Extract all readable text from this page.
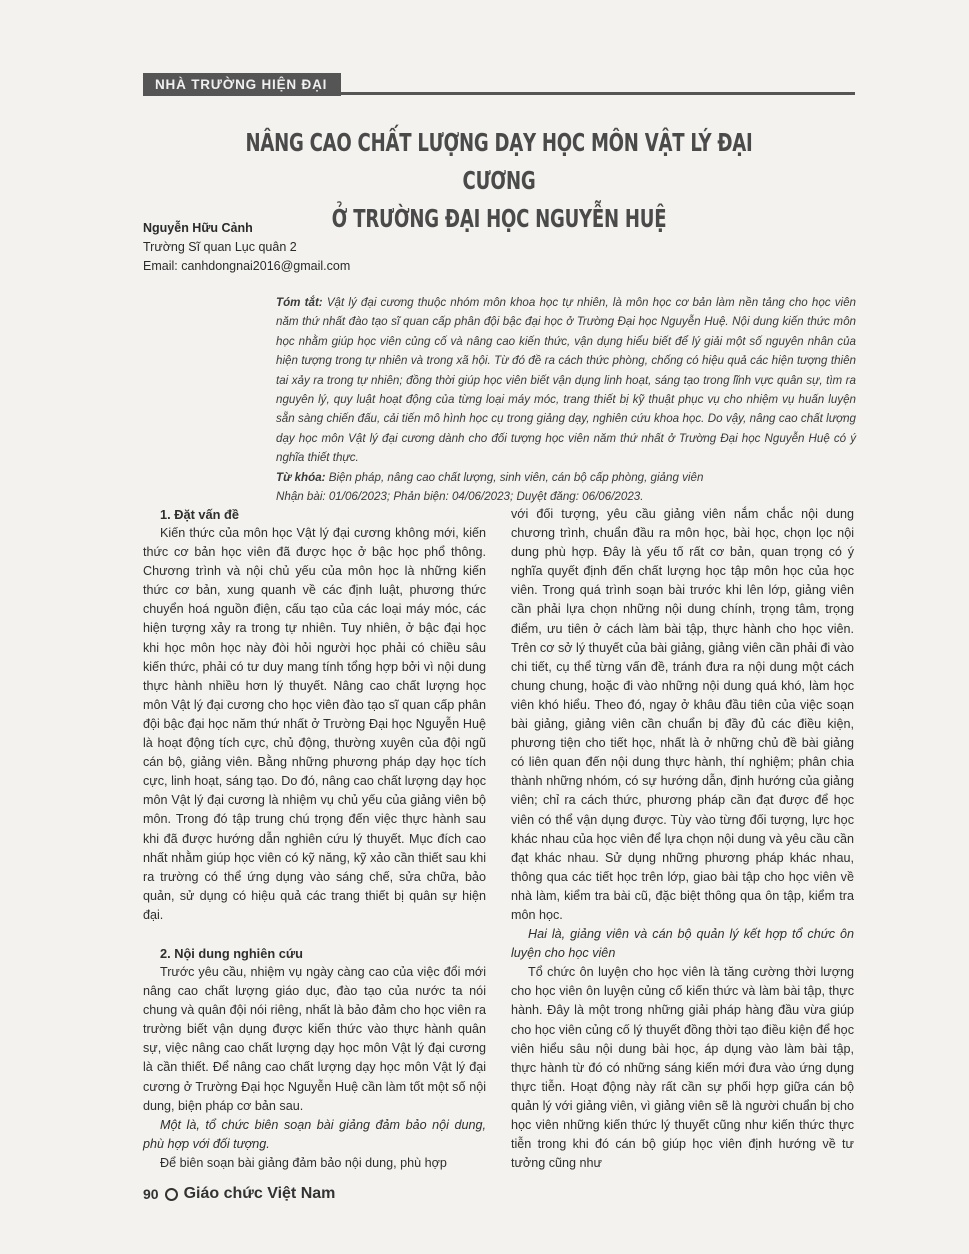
NHÀ TRƯỜNG HIỆN ĐẠI
NÂNG CAO CHẤT LƯỢNG DẠY HỌC MÔN VẬT LÝ ĐẠI CƯƠNG
Ở TRƯỜNG ĐẠI HỌC NGUYỄN HUỆ
Nguyễn Hữu Cảnh
Trường Sĩ quan Lục quân 2
Email: canhdongnai2016@gmail.com
Tóm tắt: Vật lý đại cương thuộc nhóm môn khoa học tự nhiên, là môn học cơ bản làm nền tảng cho học viên năm thứ nhất đào tạo sĩ quan cấp phân đội bậc đại học ở Trường Đại học Nguyễn Huệ. Nội dung kiến thức môn học nhằm giúp học viên củng cố và nâng cao kiến thức, vận dụng hiểu biết để lý giải một số nguyên nhân của hiện tượng trong tự nhiên và trong xã hội. Từ đó đề ra cách thức phòng, chống có hiệu quả các hiện tượng thiên tai xảy ra trong tự nhiên; đồng thời giúp học viên biết vận dụng linh hoạt, sáng tạo trong lĩnh vực quân sự, tìm ra nguyên lý, quy luật hoạt động của từng loại máy móc, trang thiết bị kỹ thuật phục vụ cho nhiệm vụ huấn luyện sẵn sàng chiến đấu, cải tiến mô hình học cụ trong giảng dạy, nghiên cứu khoa học. Do vậy, nâng cao chất lượng dạy học môn Vật lý đại cương dành cho đối tượng học viên năm thứ nhất ở Trường Đại học Nguyễn Huệ có ý nghĩa thiết thực.
Từ khóa: Biện pháp, nâng cao chất lượng, sinh viên, cán bộ cấp phòng, giảng viên
Nhận bài: 01/06/2023; Phản biện: 04/06/2023; Duyệt đăng: 06/06/2023.
1. Đặt vấn đề

Kiến thức của môn học Vật lý đại cương không mới, kiến thức cơ bản học viên đã được học ở bậc học phổ thông. Chương trình và nội chủ yếu của môn học là những kiến thức cơ bản, xung quanh về các định luật, phương thức chuyển hoá nguồn điện, cấu tạo của các loại máy móc, các hiện tượng xảy ra trong tự nhiên. Tuy nhiên, ở bậc đại học khi học môn học này đòi hỏi người học phải có chiều sâu kiến thức, phải có tư duy mang tính tổng hợp bởi vì nội dung thực hành nhiều hơn lý thuyết. Nâng cao chất lượng học môn Vật lý đại cương cho học viên đào tạo sĩ quan cấp phân đội bậc đại học năm thứ nhất ở Trường Đại học Nguyễn Huệ là hoạt động tích cực, chủ động, thường xuyên của đội ngũ cán bộ, giảng viên. Bằng những phương pháp dạy học tích cực, linh hoạt, sáng tạo. Do đó, nâng cao chất lượng dạy học môn Vật lý đại cương là nhiệm vụ chủ yếu của giảng viên bộ môn. Trong đó tập trung chú trọng đến việc thực hành sau khi đã được hướng dẫn nghiên cứu lý thuyết. Mục đích cao nhất nhằm giúp học viên có kỹ năng, kỹ xảo cần thiết sau khi ra trường có thể ứng dụng vào sáng chế, sửa chữa, bảo quản, sử dụng có hiệu quả các trang thiết bị quân sự hiện đại.

2. Nội dung nghiên cứu

Trước yêu cầu, nhiệm vụ ngày càng cao của việc đổi mới nâng cao chất lượng giáo dục, đào tạo của nước ta nói chung và quân đội nói riêng, nhất là bảo đảm cho học viên ra trường biết vận dụng được kiến thức vào thực hành quân sự, việc nâng cao chất lượng dạy học môn Vật lý đại cương là cần thiết. Để nâng cao chất lượng dạy học môn Vật lý đại cương ở Trường Đại học Nguyễn Huệ cần làm tốt một số nội dung, biện pháp cơ bản sau.

Một là, tổ chức biên soạn bài giảng đảm bảo nội dung, phù hợp với đối tượng.

Để biên soạn bài giảng đảm bảo nội dung, phù hợp

với đối tượng, yêu cầu giảng viên nắm chắc nội dung chương trình, chuẩn đầu ra môn học, bài học, chọn lọc nội dung phù hợp. Đây là yếu tố rất cơ bản, quan trọng có ý nghĩa quyết định đến chất lượng học tập môn học của học viên. Trong quá trình soạn bài trước khi lên lớp, giảng viên cần phải lựa chọn những nội dung chính, trọng tâm, trọng điểm, ưu tiên ở cách làm bài tập, thực hành cho học viên. Trên cơ sở lý thuyết của bài giảng, giảng viên cần phải đi vào chi tiết, cụ thể từng vấn đề, tránh đưa ra nội dung một cách chung chung, hoặc đi vào những nội dung quá khó, làm học viên khó hiểu. Theo đó, ngay ở khâu đầu tiên của việc soạn bài giảng, giảng viên cần chuẩn bị đầy đủ các điều kiện, phương tiện cho tiết học, nhất là ở những chủ đề bài giảng có liên quan đến nội dung thực hành, thí nghiệm; phân chia thành những nhóm, có sự hướng dẫn, định hướng của giảng viên; chỉ ra cách thức, phương pháp cần đạt được để học viên có thể vận dụng được. Tùy vào từng đối tượng, lực học khác nhau của học viên để lựa chọn nội dung và yêu cầu cần đạt khác nhau. Sử dụng những phương pháp khác nhau, thông qua các tiết học trên lớp, giao bài tập cho học viên về nhà làm, kiểm tra bài cũ, đặc biệt thông qua ôn tập, kiểm tra môn học.

Hai là, giảng viên và cán bộ quản lý kết hợp tổ chức ôn luyện cho học viên

Tổ chức ôn luyện cho học viên là tăng cường thời lượng cho học viên ôn luyện củng cố kiến thức và làm bài tập, thực hành. Đây là một trong những giải pháp hàng đầu vừa giúp cho học viên củng cố lý thuyết đồng thời tạo điều kiện để học viên hiểu sâu nội dung bài học, áp dụng vào làm bài tập, thực hành từ đó có những sáng kiến mới đưa vào ứng dụng thực tiễn. Hoạt động này rất cần sự phối hợp giữa cán bộ quản lý với giảng viên, vì giảng viên sẽ là người chuẩn bị cho học viên những kiến thức lý thuyết cũng như kiến thức thực tiễn trong khi đó cán bộ giúp học viên định hướng về tư tưởng cũng như

90 Giáo chức Việt Nam
